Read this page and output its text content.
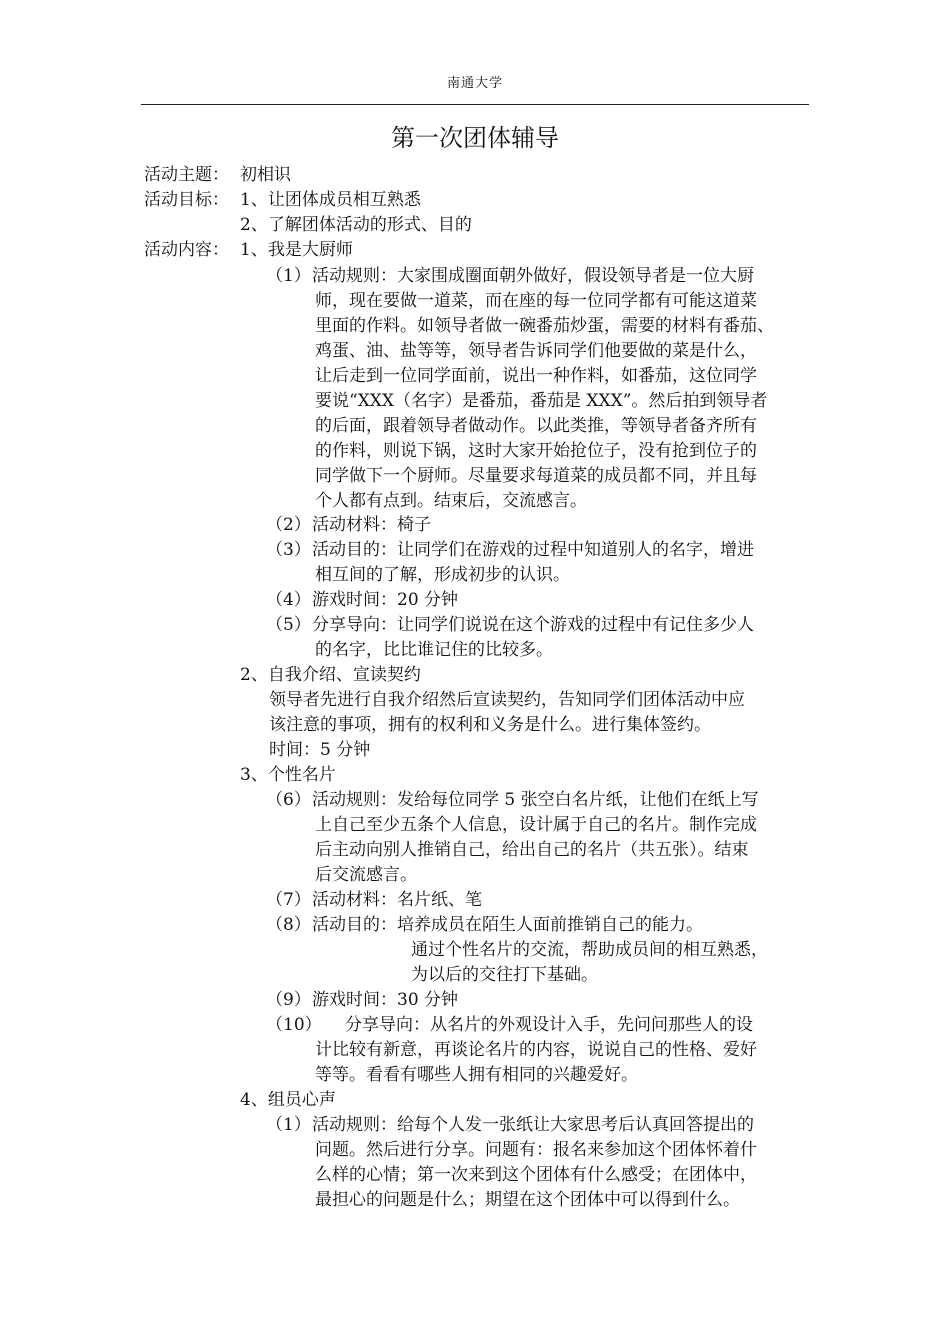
南通大学
第一次团体辅导
活动主题： 初相识
活动目标： 1、让团体成员相互熟悉
2、了解团体活动的形式、目的
活动内容： 1、我是大厨师
（1） 活动规则：大家围成圈面朝外做好，假设领导者是一位大厨
师，现在要做一道菜，而在座的每一位同学都有可能这道菜
里面的作料。如领导者做一碗番茄炒蛋，需要的材料有番茄、
鸡蛋、油、盐等等，领导者告诉同学们他要做的菜是什么，
让后走到一位同学面前，说出一种作料，如番茄，这位同学
要说“XXX（名字）是番茄，番茄是 XXX”。然后拍到领导者
的后面，跟着领导者做动作。以此类推，等领导者备齐所有
的作料，则说下锅，这时大家开始抢位子，没有抢到位子的
同学做下一个厨师。尽量要求每道菜的成员都不同，并且每
个人都有点到。结束后，交流感言。
（2） 活动材料：椅子
（3） 活动目的：让同学们在游戏的过程中知道别人的名字，增进
相互间的了解，形成初步的认识。
（4） 游戏时间：20 分钟
（5） 分享导向：让同学们说说在这个游戏的过程中有记住多少人
的名字，比比谁记住的比较多。
2、自我介绍、宣读契约
领导者先进行自我介绍然后宣读契约，告知同学们团体活动中应
该注意的事项，拥有的权利和义务是什么。进行集体签约。
时间：5 分钟
3、个性名片
（6） 活动规则：发给每位同学 5 张空白名片纸，让他们在纸上写
上自己至少五条个人信息，设计属于自己的名片。制作完成
后主动向别人推销自己，给出自己的名片（共五张）。结束
后交流感言。
（7） 活动材料：名片纸、笔
（8） 活动目的：培养成员在陌生人面前推销自己的能力。
通过个性名片的交流，帮助成员间的相互熟悉，
为以后的交往打下基础。
（9） 游戏时间：30 分钟
（10） 分享导向：从名片的外观设计入手，先问问那些人的设
计比较有新意，再谈论名片的内容，说说自己的性格、爱好
等等。看看有哪些人拥有相同的兴趣爱好。
4、组员心声
（1） 活动规则：给每个人发一张纸让大家思考后认真回答提出的
问题。然后进行分享。问题有：报名来参加这个团体怀着什
么样的心情；第一次来到这个团体有什么感受；在团体中，
最担心的问题是什么；期望在这个团体中可以得到什么。
